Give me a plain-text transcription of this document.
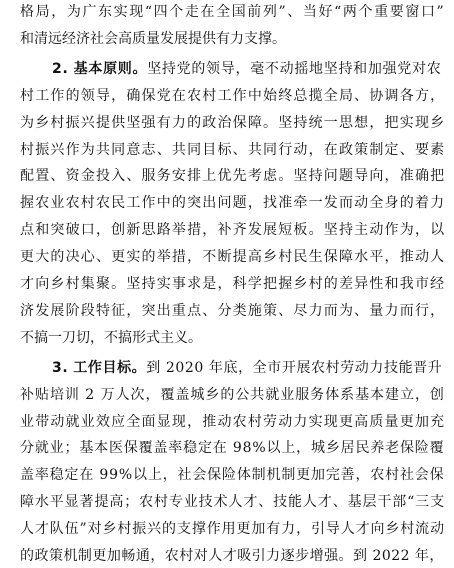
格局，为广东实现“四个走在全国前列”、当好“两个重要窗口”
和清远经济社会高质量发展提供有力支撑。
2. 基本原则。坚持党的领导，毫不动摇地坚持和加强党对农
村工作的领导，确保党在农村工作中始终总揽全局、协调各方，
为乡村振兴提供坚强有力的政治保障。坚持统一思想，把实现乡
村振兴作为共同意志、共同目标、共同行动，在政策制定、要素
配置、资金投入、服务安排上优先考虑。坚持问题导向，准确把
握农业农村农民工作中的突出问题，找准牵一发而动全身的着力
点和突破口，创新思路举措，补齐发展短板。坚持主动作为，以
更大的决心、更实的举措，不断提高乡村民生保障水平，推动人
才向乡村集聚。坚持实事求是，科学把握乡村的差异性和我市经
济发展阶段特征，突出重点、分类施策、尽力而为、量力而行，
不搞一刀切，不搞形式主义。
3. 工作目标。到 2020 年底，全市开展农村劳动力技能晋升
补贴培训 2 万人次，覆盖城乡的公共就业服务体系基本建立，创
业带动就业效应全面显现，推动农村劳动力实现更高质量更加充
分就业；基本医保覆盖率稳定在 98%以上，城乡居民养老保险覆
盖率稳定在 99%以上，社会保险体制机制更加完善，农村社会保
障水平显著提高；农村专业技术人才、技能人才、基层干部“三支
人才队伍”对乡村振兴的支撑作用更加有力，引导人才向乡村流动
的政策机制更加畅通，农村对人才吸引力逐步增强。到 2022 年，
